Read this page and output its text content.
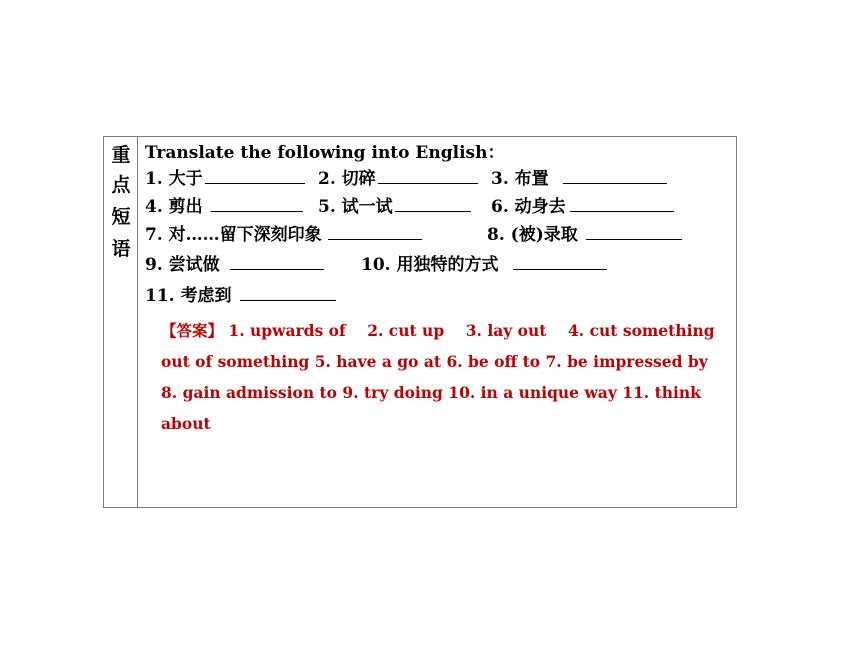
重
点
短
语
Translate the following into English：
1. 大于	2. 切碎	3. 布置
4. 剪出	5. 试一试	6. 动身去
7. 对……留下深刻印象	8. (被)录取
9. 尝试做	10. 用独特的方式
11. 考虑到
【答案】 1. upwards of    2. cut up    3. lay out    4. cut something
out of something 5. have a go at 6. be off to 7. be impressed by
8. gain admission to 9. try doing 10. in a unique way 11. think
about
